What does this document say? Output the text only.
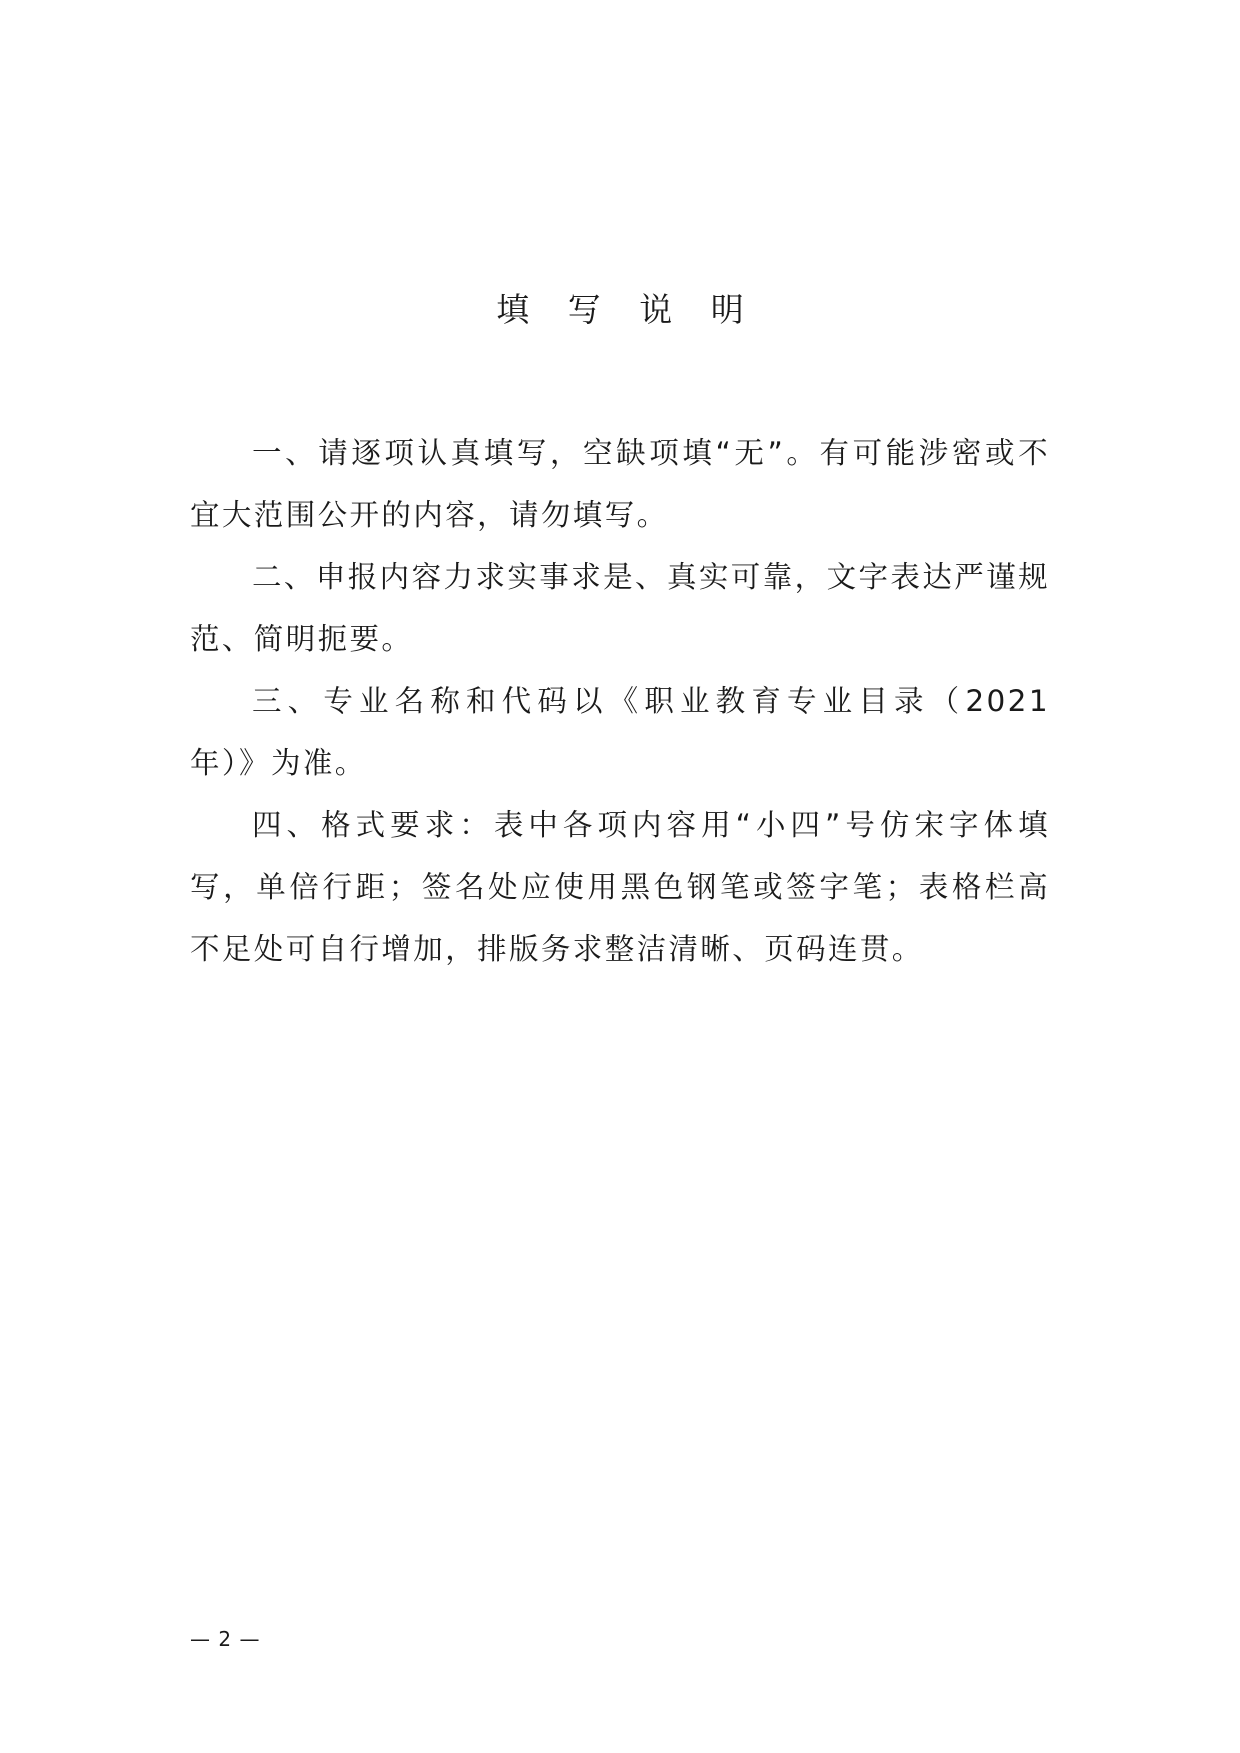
填 写 说 明

一、请逐项认真填写，空缺项填“无”。有可能涉密或不宜大范围公开的内容，请勿填写。

二、申报内容力求实事求是、真实可靠，文字表达严谨规范、简明扼要。

三、专业名称和代码以《职业教育专业目录（2021 年）》为准。

四、格式要求：表中各项内容用“小四”号仿宋字体填写，单倍行距；签名处应使用黑色钢笔或签字笔；表格栏高不足处可自行增加，排版务求整洁清晰、页码连贯。

— 2 —
